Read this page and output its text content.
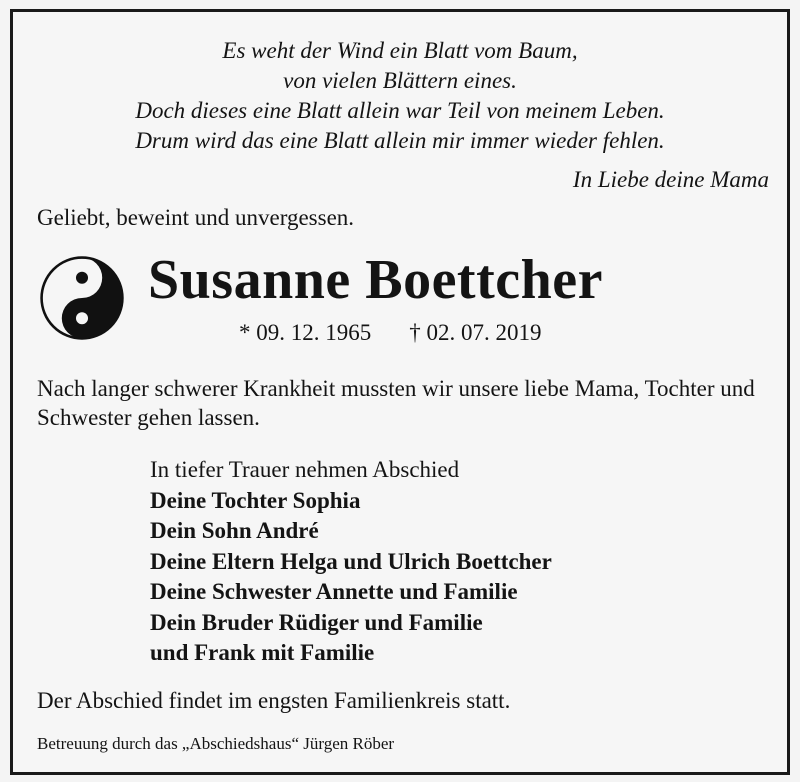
Es weht der Wind ein Blatt vom Baum,
von vielen Blättern eines.
Doch dieses eine Blatt allein war Teil von meinem Leben.
Drum wird das eine Blatt allein mir immer wieder fehlen.
In Liebe deine Mama
Geliebt, beweint und unvergessen.
Susanne Boettcher
* 09. 12. 1965 † 02. 07. 2019
Nach langer schwerer Krankheit mussten wir unsere liebe Mama, Tochter und Schwester gehen lassen.
In tiefer Trauer nehmen Abschied
Deine Tochter Sophia
Dein Sohn André
Deine Eltern Helga und Ulrich Boettcher
Deine Schwester Annette und Familie
Dein Bruder Rüdiger und Familie
und Frank mit Familie
Der Abschied findet im engsten Familienkreis statt.
Betreuung durch das „Abschiedshaus“ Jürgen Röber
